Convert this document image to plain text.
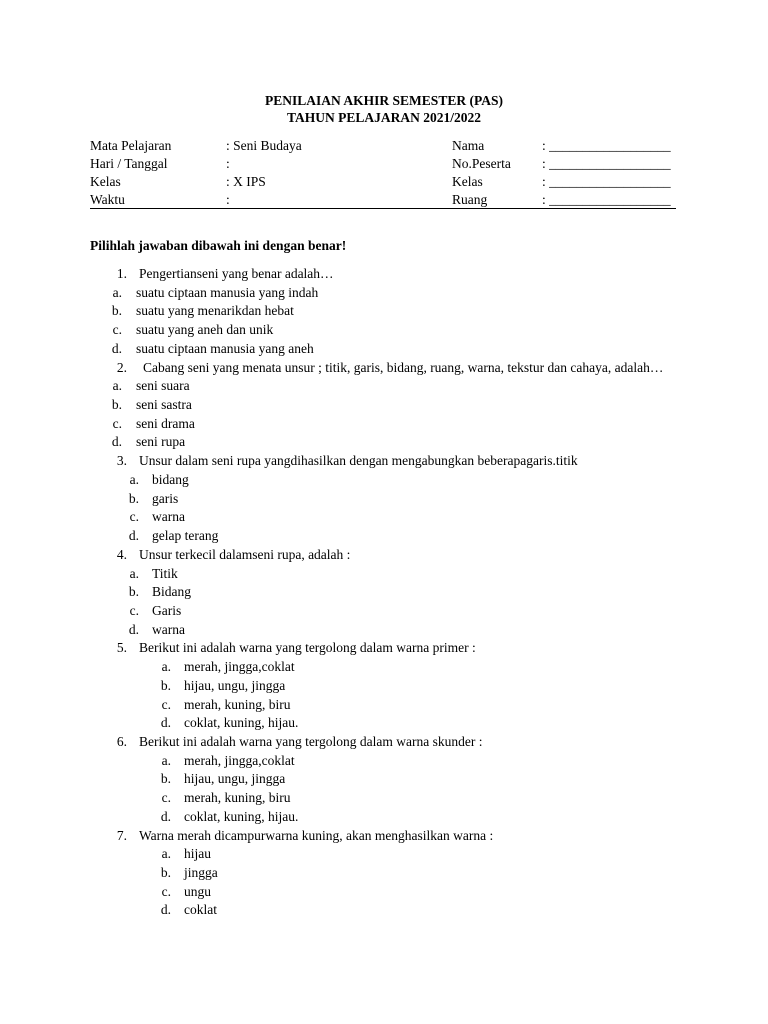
PENILAIAN AKHIR SEMESTER (PAS)
TAHUN PELAJARAN 2021/2022
Mata Pelajaran	: Seni Budaya	Nama	: __________________
Hari / Tanggal	:	No.Peserta : __________________
Kelas	: X IPS	Kelas	: __________________
Waktu	:	Ruang	: __________________
Pilihlah jawaban dibawah ini dengan benar!
1. Pengertianseni yang benar adalah…
a. suatu ciptaan manusia yang indah
b. suatu yang menarikdan hebat
c. suatu yang aneh dan unik
d. suatu ciptaan manusia yang aneh
2. Cabang seni yang menata unsur ; titik, garis, bidang, ruang, warna, tekstur dan cahaya, adalah…
a. seni suara
b. seni sastra
c. seni drama
d. seni rupa
3. Unsur dalam seni rupa yangdihasilkan dengan mengabungkan beberapagaris.titik
a. bidang
b. garis
c. warna
d. gelap terang
4. Unsur terkecil dalamseni rupa, adalah :
a. Titik
b. Bidang
c. Garis
d. warna
5. Berikut ini adalah warna yang tergolong dalam warna primer :
a. merah, jingga,coklat
b. hijau, ungu, jingga
c. merah, kuning, biru
d. coklat, kuning, hijau.
6. Berikut ini adalah warna yang tergolong dalam warna skunder :
a. merah, jingga,coklat
b. hijau, ungu, jingga
c. merah, kuning, biru
d. coklat, kuning, hijau.
7. Warna merah dicampurwarna kuning, akan menghasilkan warna :
a. hijau
b. jingga
c. ungu
d. coklat
